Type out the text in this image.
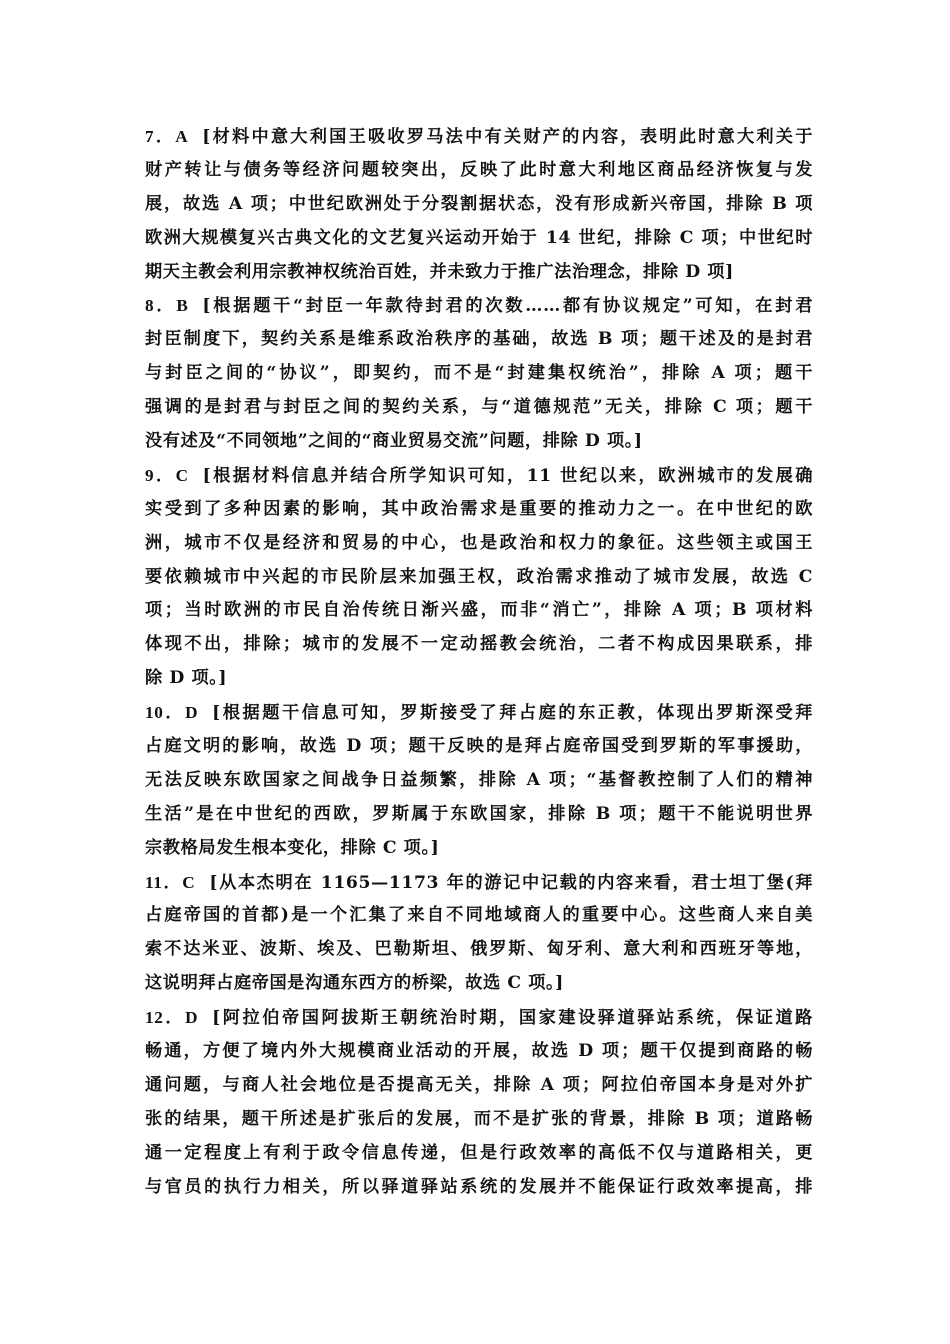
7．A [材料中意大利国王吸收罗马法中有关财产的内容，表明此时意大利关于
财产转让与债务等经济问题较突出，反映了此时意大利地区商品经济恢复与发
展，故选 A 项；中世纪欧洲处于分裂割据状态，没有形成新兴帝国，排除 B 项
欧洲大规模复兴古典文化的文艺复兴运动开始于 14 世纪，排除 C 项；中世纪时
期天主教会利用宗教神权统治百姓，并未致力于推广法治理念，排除 D 项]
8．B [根据题干“封臣一年款待封君的次数……都有协议规定”可知，在封君
封臣制度下，契约关系是维系政治秩序的基础，故选 B 项；题干述及的是封君
与封臣之间的“协议”，即契约，而不是“封建集权统治”，排除 A 项；题干
强调的是封君与封臣之间的契约关系，与“道德规范”无关，排除 C 项；题干
没有述及“不同领地”之间的“商业贸易交流”问题，排除 D 项。]
9．C [根据材料信息并结合所学知识可知，11 世纪以来，欧洲城市的发展确
实受到了多种因素的影响，其中政治需求是重要的推动力之一。在中世纪的欧
洲，城市不仅是经济和贸易的中心，也是政治和权力的象征。这些领主或国王
要依赖城市中兴起的市民阶层来加强王权，政治需求推动了城市发展，故选 C
项；当时欧洲的市民自治传统日渐兴盛，而非“消亡”，排除 A 项；B 项材料
体现不出，排除；城市的发展不一定动摇教会统治，二者不构成因果联系，排
除 D 项。]
10．D [根据题干信息可知，罗斯接受了拜占庭的东正教，体现出罗斯深受拜
占庭文明的影响，故选 D 项；题干反映的是拜占庭帝国受到罗斯的军事援助，
无法反映东欧国家之间战争日益频繁，排除 A 项；“基督教控制了人们的精神
生活”是在中世纪的西欧，罗斯属于东欧国家，排除 B 项；题干不能说明世界
宗教格局发生根本变化，排除 C 项。]
11．C [从本杰明在 1165—1173 年的游记中记载的内容来看，君士坦丁堡(拜
占庭帝国的首都)是一个汇集了来自不同地域商人的重要中心。这些商人来自美
索不达米亚、波斯、埃及、巴勒斯坦、俄罗斯、匈牙利、意大利和西班牙等地，
这说明拜占庭帝国是沟通东西方的桥梁，故选 C 项。]
12．D [阿拉伯帝国阿拔斯王朝统治时期，国家建设驿道驿站系统，保证道路
畅通，方便了境内外大规模商业活动的开展，故选 D 项；题干仅提到商路的畅
通问题，与商人社会地位是否提高无关，排除 A 项；阿拉伯帝国本身是对外扩
张的结果，题干所述是扩张后的发展，而不是扩张的背景，排除 B 项；道路畅
通一定程度上有利于政令信息传递，但是行政效率的高低不仅与道路相关，更
与官员的执行力相关，所以驿道驿站系统的发展并不能保证行政效率提高，排
